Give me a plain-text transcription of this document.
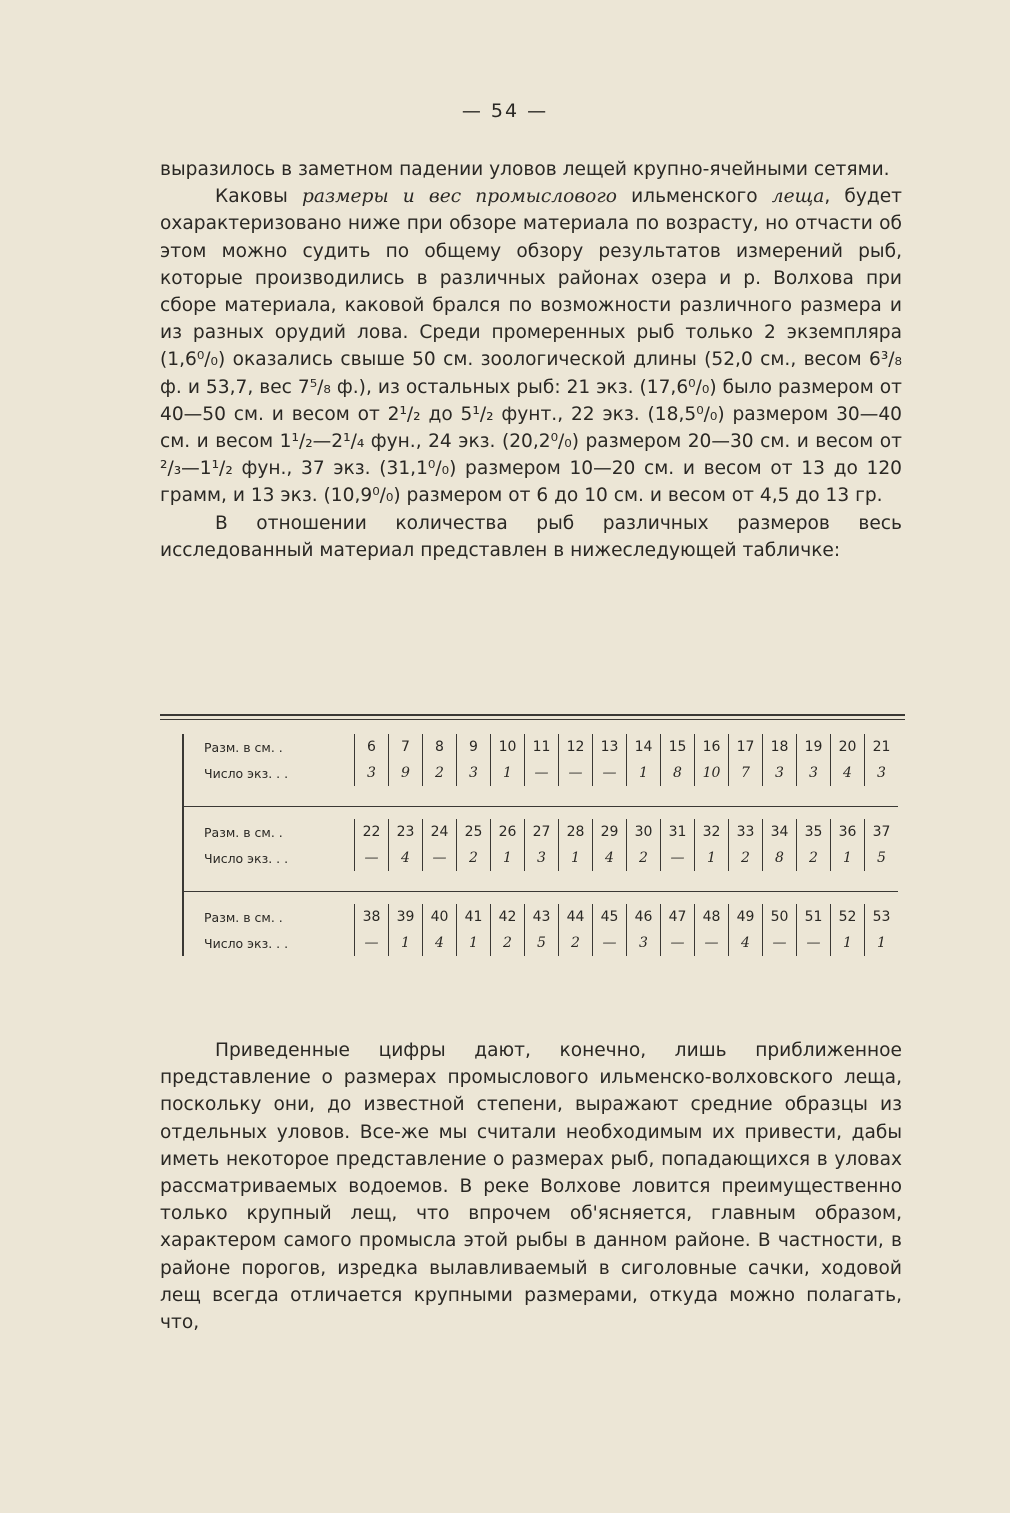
— 54 —

выразилось в заметном падении уловов лещей крупно-ячейными сетями.

Каковы размеры и вес промыслового ильменского леща, будет охарактеризовано ниже при обзоре материала по возрасту, но отчасти об этом можно судить по общему обзору результатов измерений рыб, которые производились в различных районах озера и р. Волхова при сборе материала, каковой брался по возможности различного размера и из разных орудий лова. Среди промеренных рыб только 2 экземпляра (1,6⁰/₀) оказались свыше 50 см. зоологической длины (52,0 см., весом 6³/₈ ф. и 53,7, вес 7⁵/₈ ф.), из остальных рыб: 21 экз. (17,6⁰/₀) было размером от 40—50 см. и весом от 2¹/₂ до 5¹/₂ фунт., 22 экз. (18,5⁰/₀) размером 30—40 см. и весом 1¹/₂—2¹/₄ фун., 24 экз. (20,2⁰/₀) размером 20—30 см. и весом от ²/₃—1¹/₂ фун., 37 экз. (31,1⁰/₀) размером 10—20 см. и весом от 13 до 120 грамм, и 13 экз. (10,9⁰/₀) размером от 6 до 10 см. и весом от 4,5 до 13 гр.

В отношении количества рыб различных размеров весь исследованный материал представлен в нижеследующей табличке:

Разм. в см. .	6	7	8	9	10	11	12	13	14	15	16	17	18	19	20	21
Число экз. . .	3	9	2	3	1	—	—	—	1	8	10	7	3	3	4	3

Разм. в см. .	22	23	24	25	26	27	28	29	30	31	32	33	34	35	36	37
Число экз. . .	—	4	—	2	1	3	1	4	2	—	1	2	8	2	1	5

Разм. в см. .	38	39	40	41	42	43	44	45	46	47	48	49	50	51	52	53
Число экз. . .	—	1	4	1	2	5	2	—	3	—	—	4	—	—	1	1

Приведенные цифры дают, конечно, лишь приближенное представление о размерах промыслового ильменско-волховского леща, поскольку они, до известной степени, выражают средние образцы из отдельных уловов. Все-же мы считали необходимым их привести, дабы иметь некоторое представление о размерах рыб, попадающихся в уловах рассматриваемых водоемов. В реке Волхове ловится преимущественно только крупный лещ, что впрочем об'ясняется, главным образом, характером самого промысла этой рыбы в данном районе. В частности, в районе порогов, изредка вылавливаемый в сиголовные сачки, ходовой лещ всегда отличается крупными размерами, откуда можно полагать, что,
